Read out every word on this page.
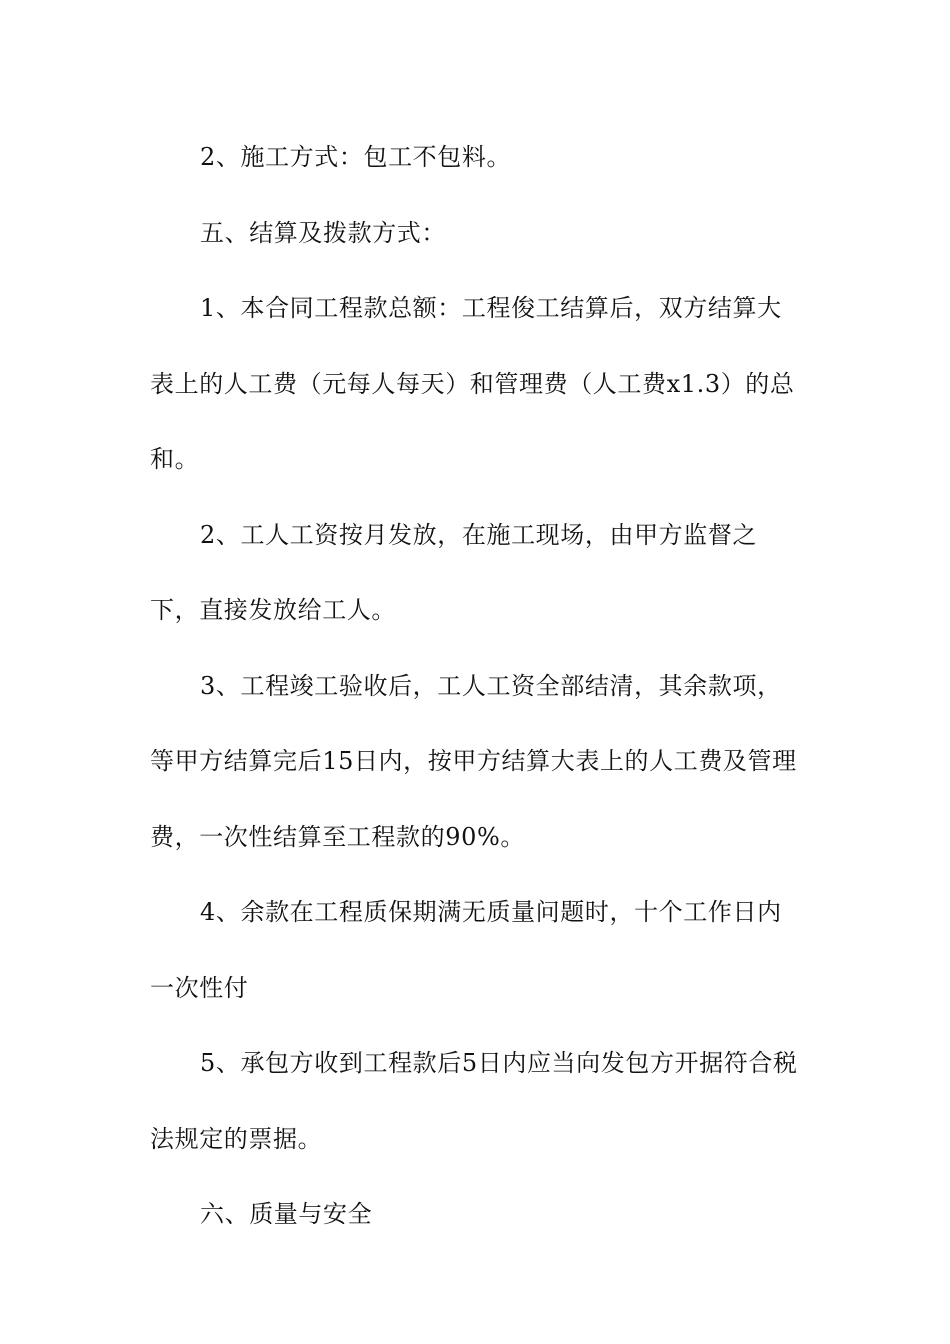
2、施工方式：包工不包料。

五、结算及拨款方式：

1、本合同工程款总额：工程俊工结算后，双方结算大表上的人工费（元每人每天）和管理费（人工费x1.3）的总和。

2、工人工资按月发放，在施工现场，由甲方监督之下，直接发放给工人。

3、工程竣工验收后，工人工资全部结清，其余款项，等甲方结算完后15日内，按甲方结算大表上的人工费及管理费，一次性结算至工程款的90%。

4、余款在工程质保期满无质量问题时，十个工作日内一次性付

5、承包方收到工程款后5日内应当向发包方开据符合税法规定的票据。

六、质量与安全
